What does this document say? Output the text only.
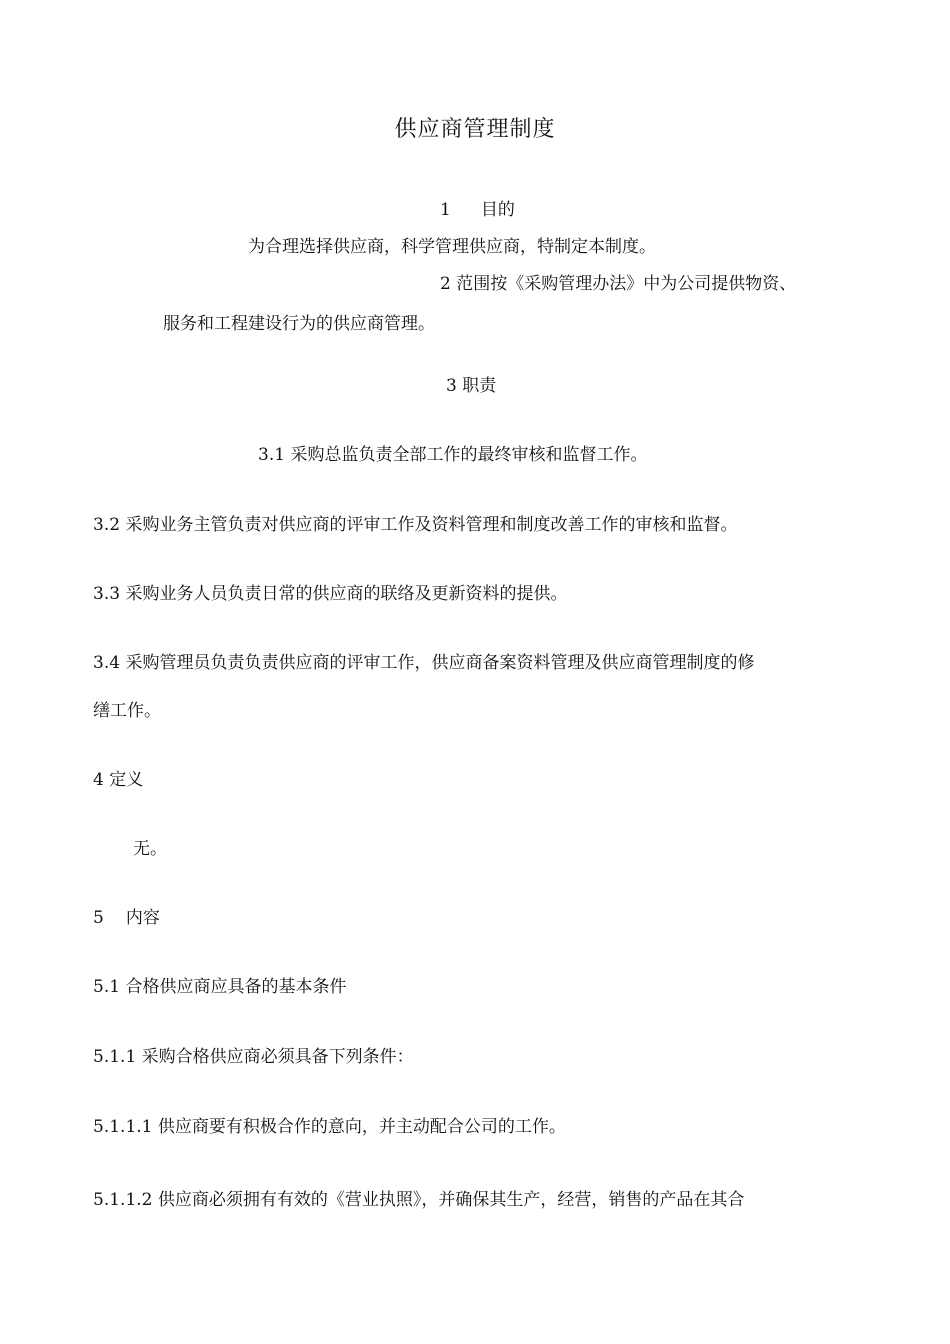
供应商管理制度
1 目的
为合理选择供应商，科学管理供应商，特制定本制度。
2 范围按《采购管理办法》中为公司提供物资、
服务和工程建设行为的供应商管理。
3 职责
3.1 采购总监负责全部工作的最终审核和监督工作。
3.2 采购业务主管负责对供应商的评审工作及资料管理和制度改善工作的审核和监督。
3.3 采购业务人员负责日常的供应商的联络及更新资料的提供。
3.4 采购管理员负责负责供应商的评审工作，供应商备案资料管理及供应商管理制度的修
缮工作。
4 定义
无。
5 内容
5.1 合格供应商应具备的基本条件
5.1.1 采购合格供应商必须具备下列条件：
5.1.1.1 供应商要有积极合作的意向，并主动配合公司的工作。
5.1.1.2 供应商必须拥有有效的《营业执照》，并确保其生产，经营，销售的产品在其合
